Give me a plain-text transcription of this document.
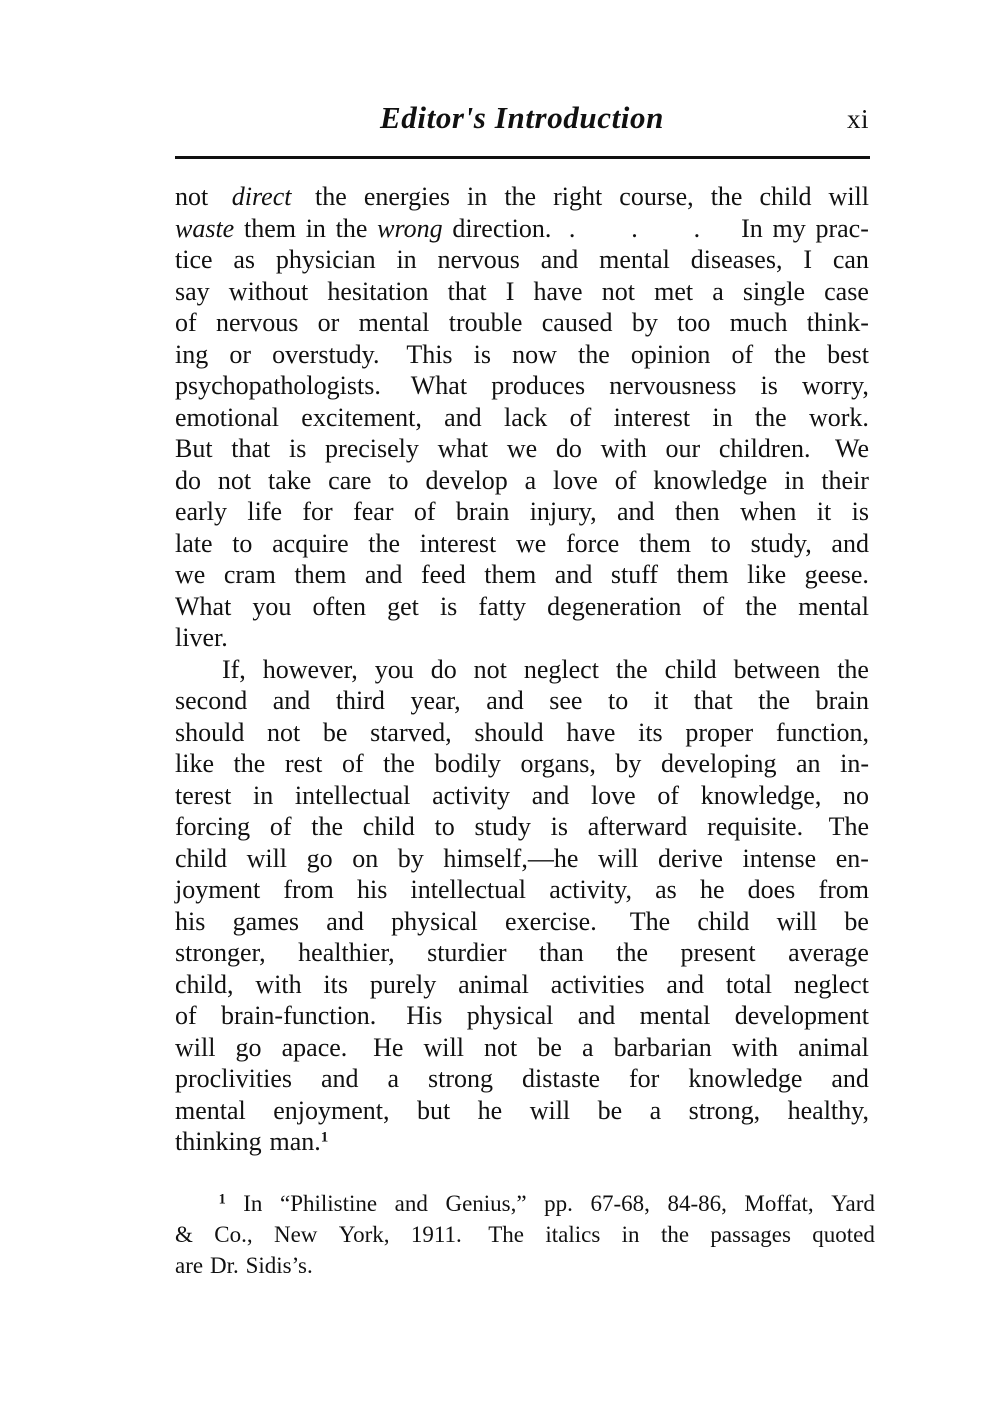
Editor's Introduction	xi
not direct the energies in the right course, the child will
waste them in the wrong direction. . . . In my prac-
tice as physician in nervous and mental diseases, I can
say without hesitation that I have not met a single case
of nervous or mental trouble caused by too much think-
ing or overstudy. This is now the opinion of the best
psychopathologists. What produces nervousness is worry,
emotional excitement, and lack of interest in the work.
But that is precisely what we do with our children. We
do not take care to develop a love of knowledge in their
early life for fear of brain injury, and then when it is
late to acquire the interest we force them to study, and
we cram them and feed them and stuff them like geese.
What you often get is fatty degeneration of the mental
liver.
If, however, you do not neglect the child between the
second and third year, and see to it that the brain
should not be starved, should have its proper function,
like the rest of the bodily organs, by developing an in-
terest in intellectual activity and love of knowledge, no
forcing of the child to study is afterward requisite. The
child will go on by himself,—he will derive intense en-
joyment from his intellectual activity, as he does from
his games and physical exercise. The child will be
stronger, healthier, sturdier than the present average
child, with its purely animal activities and total neglect
of brain-function. His physical and mental development
will go apace. He will not be a barbarian with animal
proclivities and a strong distaste for knowledge and
mental enjoyment, but he will be a strong, healthy,
thinking man.$^1$
$^1$ In “Philistine and Genius,” pp. 67-68, 84-86, Moffat, Yard
& Co., New York, 1911. The italics in the passages quoted
are Dr. Sidis’s.
